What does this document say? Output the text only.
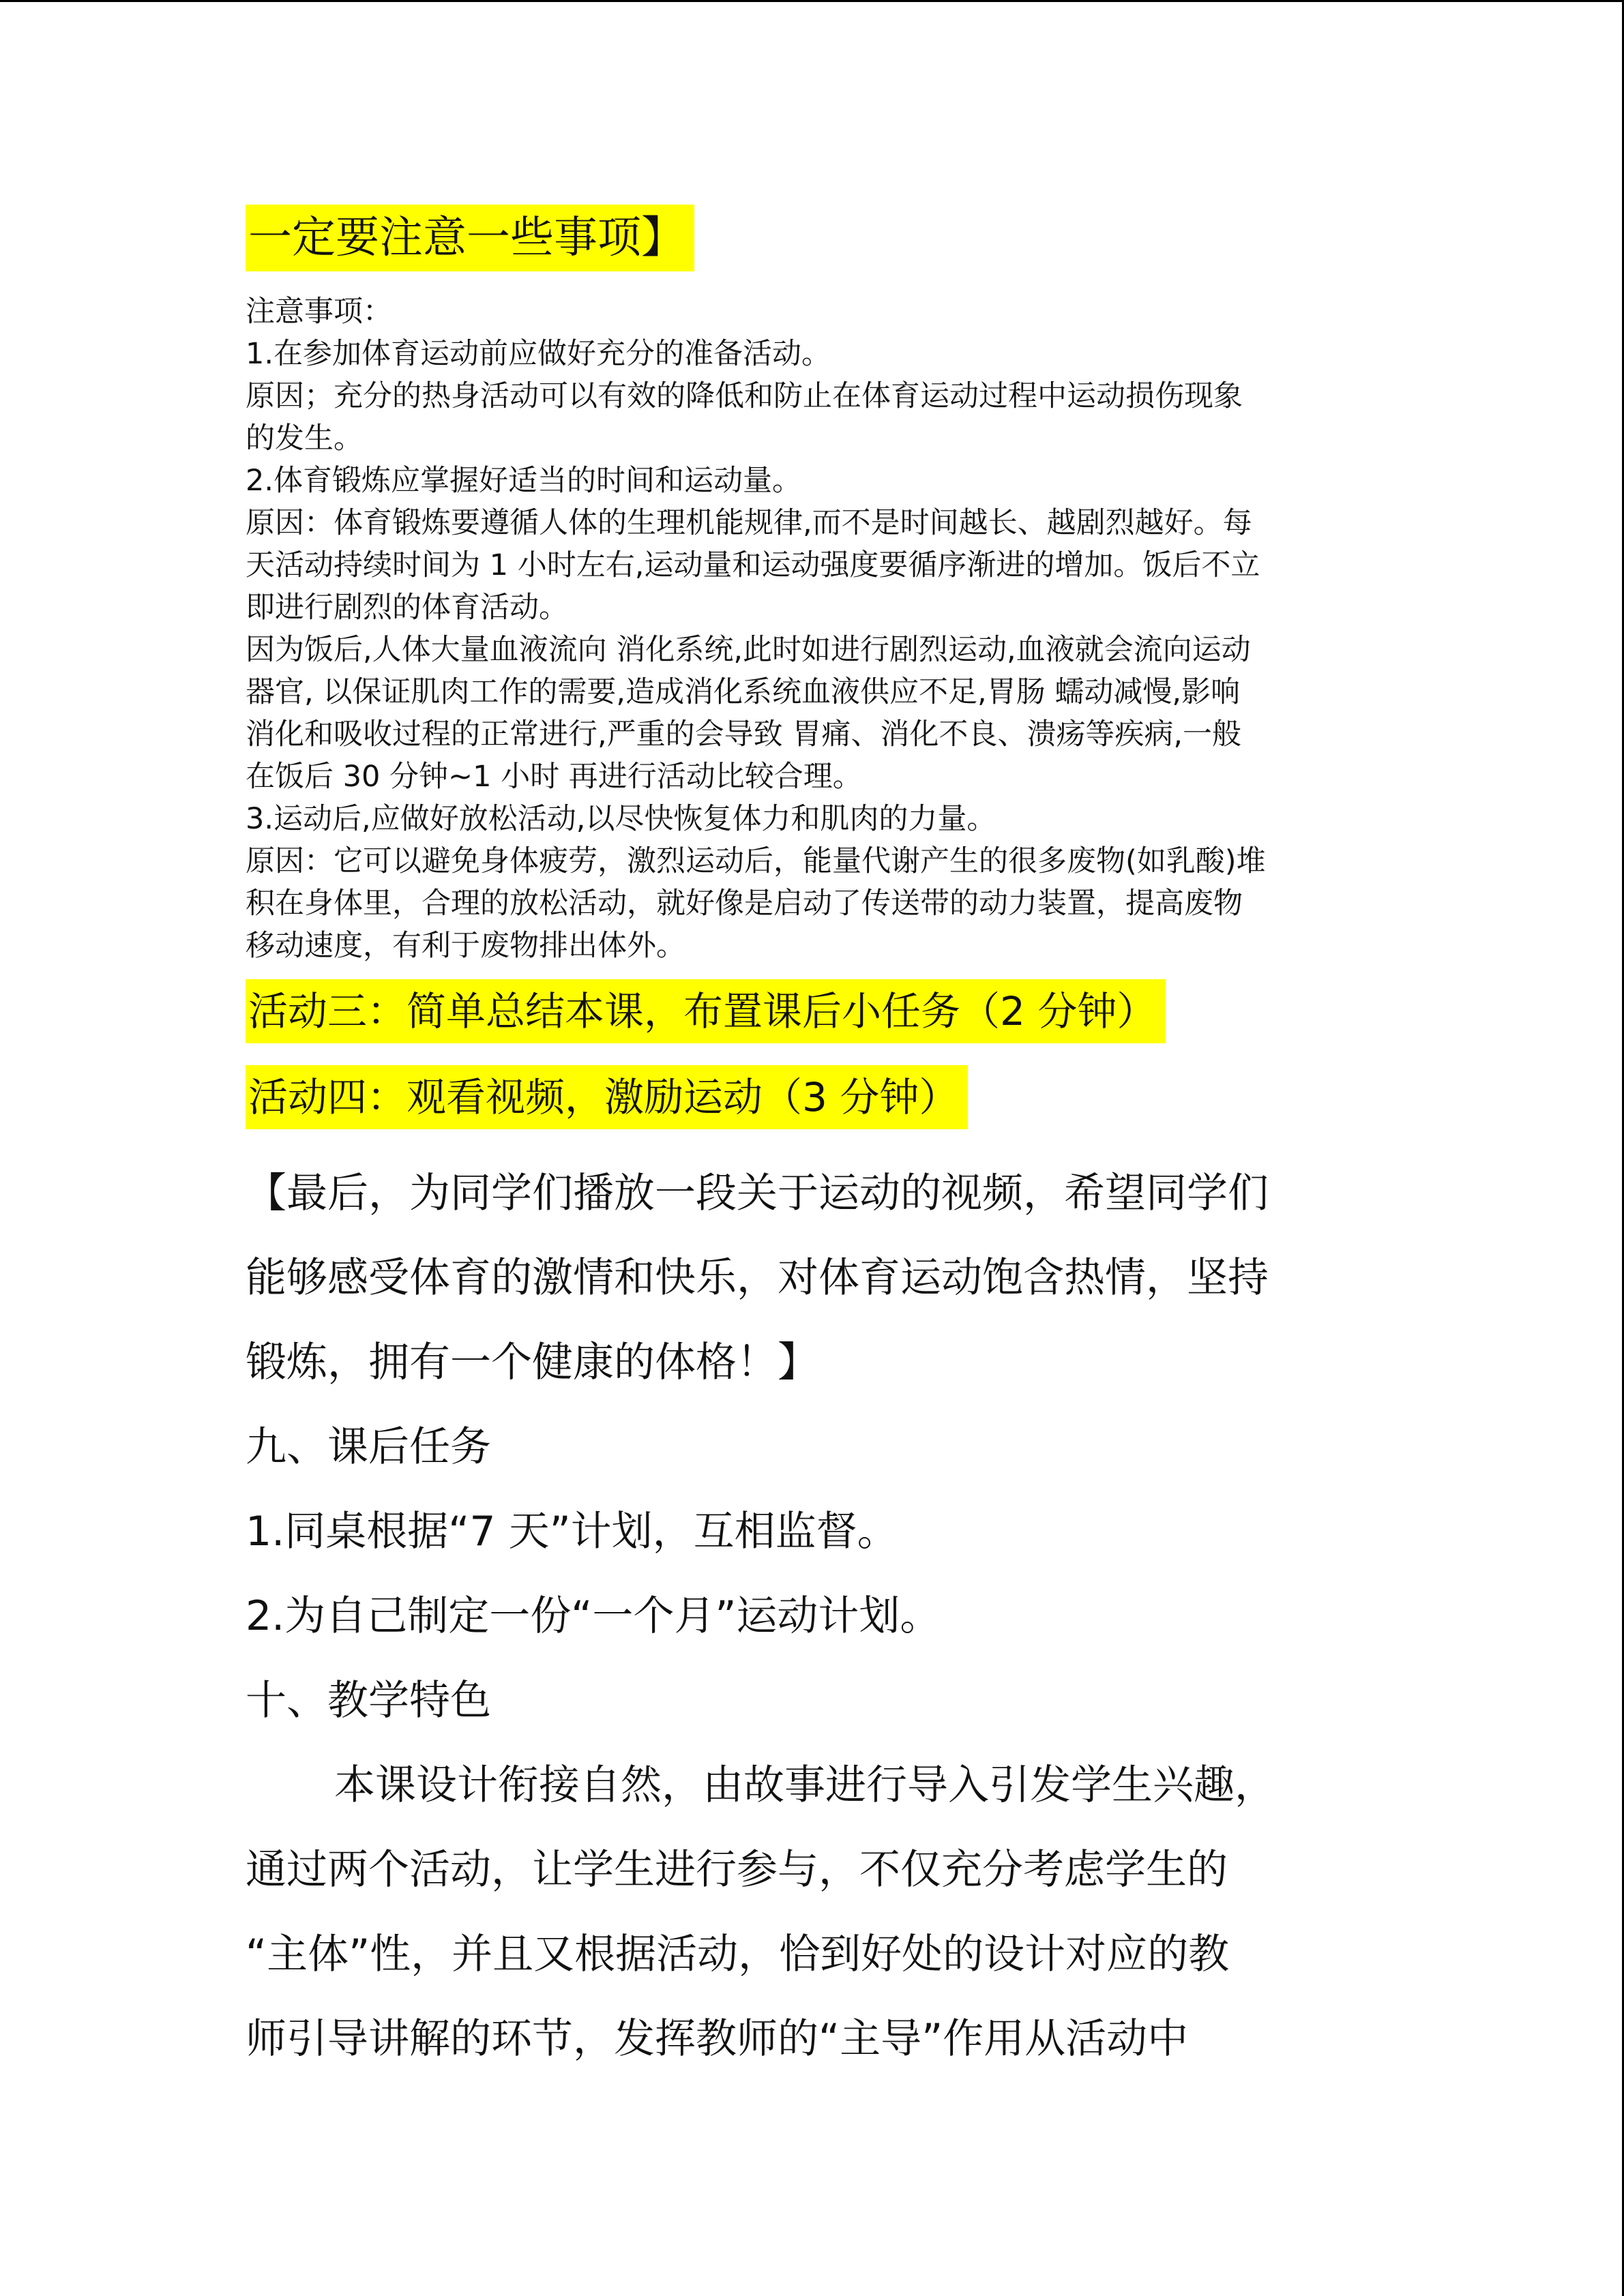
一定要注意一些事项】

注意事项：

1.在参加体育运动前应做好充分的准备活动。

原因；充分的热身活动可以有效的降低和防止在体育运动过程中运动损伤现象

的发生。

2.体育锻炼应掌握好适当的时间和运动量。

原因：体育锻炼要遵循人体的生理机能规律,而不是时间越长、越剧烈越好。每

天活动持续时间为 1 小时左右,运动量和运动强度要循序渐进的增加。饭后不立

即进行剧烈的体育活动。

因为饭后,人体大量血液流向 消化系统,此时如进行剧烈运动,血液就会流向运动

器官, 以保证肌肉工作的需要,造成消化系统血液供应不足,胃肠 蠕动减慢,影响

消化和吸收过程的正常进行,严重的会导致 胃痛、消化不良、溃疡等疾病,一般

在饭后 30 分钟~1 小时 再进行活动比较合理。

3.运动后,应做好放松活动,以尽快恢复体力和肌肉的力量。

原因：它可以避免身体疲劳，激烈运动后，能量代谢产生的很多废物(如乳酸)堆

积在身体里，合理的放松活动，就好像是启动了传送带的动力装置，提高废物

移动速度，有利于废物排出体外。

活动三：简单总结本课，布置课后小任务（2 分钟）
活动四：观看视频，激励运动（3 分钟）

【最后，为同学们播放一段关于运动的视频，希望同学们

能够感受体育的激情和快乐，对体育运动饱含热情，坚持

锻炼，拥有一个健康的体格！】

九、课后任务

1.同桌根据“7 天”计划，互相监督。

2.为自己制定一份“一个月”运动计划。

十、教学特色

本课设计衔接自然，由故事进行导入引发学生兴趣，

通过两个活动，让学生进行参与，不仅充分考虑学生的

“主体”性，并且又根据活动，恰到好处的设计对应的教

师引导讲解的环节，发挥教师的“主导”作用从活动中
